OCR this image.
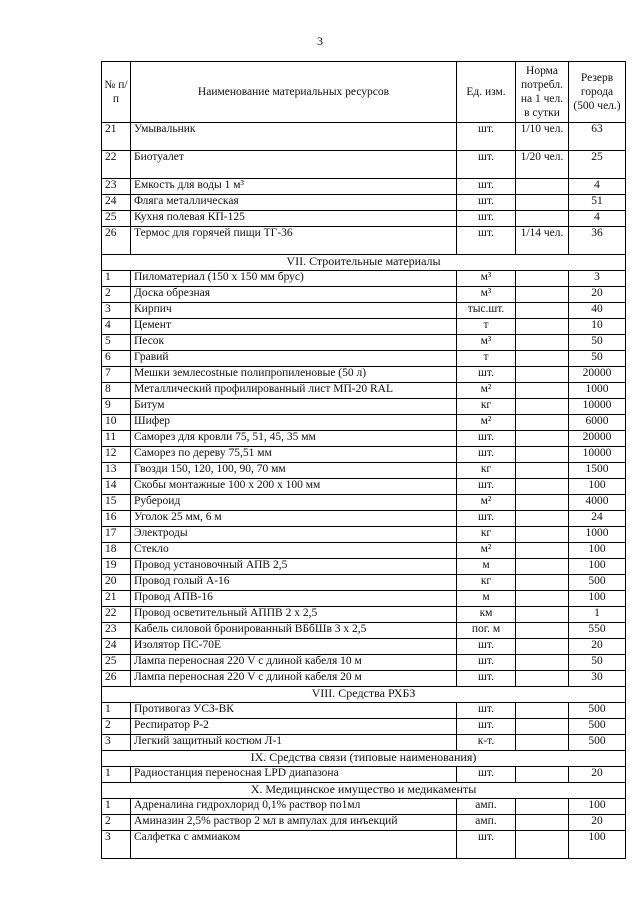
3
№ п/п	Наименование материальных ресурсов	Ед. изм.	Норма потребл. на 1 чел. в сутки	Резерв города (500 чел.)
21	Умывальник	шт.	1/10 чел.	63
22	Биотуалет	шт.	1/20 чел.	25
23	Емкость для воды 1 м³	шт.		4
24	Фляга металлическая	шт.		51
25	Кухня полевая КП-125	шт.		4
26	Термос для горячей пищи ТГ-36	шт.	1/14 чел.	36
VII. Строительные материалы				
1	Пиломатериал (150 х 150 мм брус)	м³		3
2	Доска обрезная	м³		20
3	Кирпич	тыс.шт.		40
4	Цемент	т		10
5	Песок	м³		50
6	Гравий	т		50
7	Мешки землеcostные полипропиленовые (50 л)	шт.		20000
8	Металлический профилированный лист МП-20 RAL	м²		1000
9	Битум	кг		10000
10	Шифер	м²		6000
11	Саморез для кровли 75, 51, 45, 35 мм	шт.		20000
12	Саморез по дереву 75,51 мм	шт.		10000
13	Гвозди 150, 120, 100, 90, 70 мм	кг		1500
14	Скобы монтажные 100 х 200 х 100 мм	шт.		100
15	Рубероид	м²		4000
16	Уголок 25 мм, 6 м	шт.		24
17	Электроды	кг		1000
18	Стекло	м²		100
19	Провод установочный АПВ 2,5	м		100
20	Провод голый А-16	кг		500
21	Провод АПВ-16	м		100
22	Провод осветительный АППВ 2 х 2,5	км		1
23	Кабель силовой бронированный ВБбШв 3 х 2,5	пог. м		550
24	Изолятор ПС-70Е	шт.		20
25	Лампа переносная 220 V с длиной кабеля 10 м	шт.		50
26	Лампа переносная 220 V с длиной кабеля 20 м	шт.		30
VIII. Средства РХБЗ				
1	Противогаз УСЗ-ВК	шт.		500
2	Респиратор Р-2	шт.		500
3	Легкий защитный костюм Л-1	к-т.		500
IX. Средства связи (типовые наименования)				
1	Радиостанция переносная LPD диапазона	шт.		20
X. Медицинское имущество и медикаменты				
1	Адреналина гидрохлорид 0,1% раствор по1мл	амп.		100
2	Аминазин 2,5% раствор 2 мл в ампулах для инъекций	амп.		20
3	Салфетка с аммиаком	шт.		100
